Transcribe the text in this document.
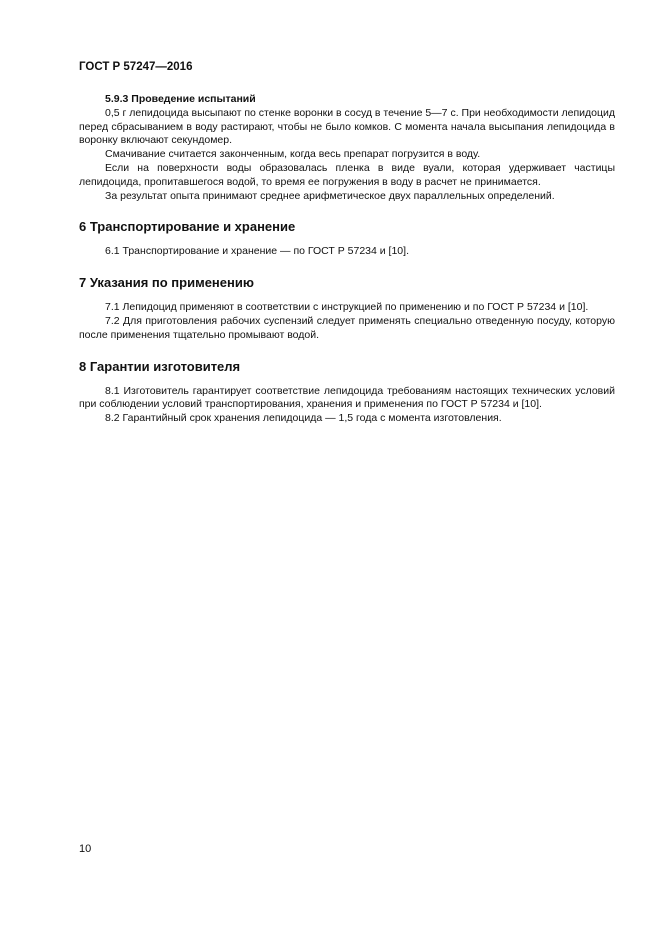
ГОСТ Р 57247—2016

5.9.3 Проведение испытаний

0,5 г лепидоцида высыпают по стенке воронки в сосуд в течение 5—7 с. При необходимости лепидоцид перед сбрасыванием в воду растирают, чтобы не было комков. С момента начала высыпания лепидоцида в воронку включают секундомер.

Смачивание считается законченным, когда весь препарат погрузится в воду.

Если на поверхности воды образовалась пленка в виде вуали, которая удерживает частицы лепидоцида, пропитавшегося водой, то время ее погружения в воду в расчет не принимается.

За результат опыта принимают среднее арифметическое двух параллельных определений.

6 Транспортирование и хранение

6.1 Транспортирование и хранение — по ГОСТ Р 57234 и [10].

7 Указания по применению

7.1 Лепидоцид применяют в соответствии с инструкцией по применению и по ГОСТ Р 57234 и [10].

7.2 Для приготовления рабочих суспензий следует применять специально отведенную посуду, которую после применения тщательно промывают водой.

8 Гарантии изготовителя

8.1 Изготовитель гарантирует соответствие лепидоцида требованиям настоящих технических условий при соблюдении условий транспортирования, хранения и применения по ГОСТ Р 57234 и [10].

8.2 Гарантийный срок хранения лепидоцида — 1,5 года с момента изготовления.

10
